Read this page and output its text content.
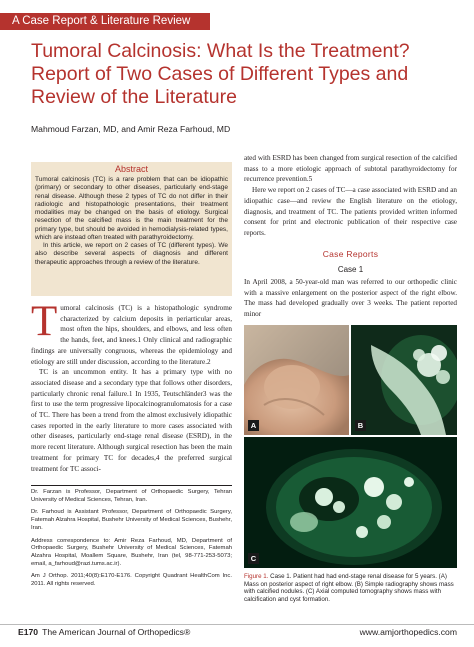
A Case Report & Literature Review
Tumoral Calcinosis: What Is the Treatment?
Report of Two Cases of Different Types and
Review of the Literature
Mahmoud Farzan, MD, and Amir Reza Farhoud, MD
Abstract

Tumoral calcinosis (TC) is a rare problem that can be idiopathic (primary) or secondary to other diseases, particularly end-stage renal disease. Although these 2 types of TC do not differ in their radiologic and histopathologic presentations, their treatment modalities may be changed on the basis of etiology. Surgical resection of the calcified mass is the main treatment for the primary type, but should be avoided in hemodialysis-related types, which are instead often treated with parathyroidectomy.

In this article, we report on 2 cases of TC (different types). We also describe several aspects of diagnosis and different therapeutic approaches through a review of the literature.

Tumoral calcinosis (TC) is a histopathologic syndrome characterized by calcium deposits in periarticular areas, most often the hips, shoulders, and elbows, and less often the hands, feet, and knees.1 Only clinical and radiographic findings are universally congruous, whereas the epidemiology and etiology are still under discussion, according to the literature.2

TC is an uncommon entity. It has a primary type with no associated disease and a secondary type that follows other disorders, particularly chronic renal failure.1 In 1935, Teutschländer3 was the first to use the term progressive lipocalcinogranulomatosis for a case of TC. There has been a trend from the almost exclusively idiopathic cases reported in the early literature to more cases associated with other diseases, particularly end-stage renal disease (ESRD), in the more recent literature. Although surgical resection has been the main treatment for primary TC for decades,4 the preferred surgical treatment for TC associ-

Dr. Farzan is Professor, Department of Orthopaedic Surgery, Tehran University of Medical Sciences, Tehran, Iran.

Dr. Farhoud is Assistant Professor, Department of Orthopaedic Surgery, Fatemah Alzahra Hospital, Bushehr University of Medical Sciences, Bushehr, Iran.

Address correspondence to: Amir Reza Farhoud, MD, Department of Orthopaedic Surgery, Bushehr University of Medical Sciences, Fatemah Alzahra Hospital, Moallem Square, Bushehr, Iran (tel, 98-771-253-5073; email, a_farhoud@razi.tums.ac.ir).

Am J Orthop. 2011;40(8):E170-E176. Copyright Quadrant HealthCom Inc. 2011. All rights reserved.

ated with ESRD has been changed from surgical resection of the calcified mass to a more etiologic approach of subtotal parathyroidectomy for recurrence prevention.5

Here we report on 2 cases of TC—a case associated with ESRD and an idiopathic case—and review the English literature on the etiology, diagnosis, and treatment of TC. The patients provided written informed consent for print and electronic publication of their respective case reports.

Case Reports
Case 1

In April 2008, a 50-year-old man was referred to our orthopedic clinic with a massive enlargement on the posterior aspect of the right elbow. The mass had developed gradually over 3 weeks. The patient reported minor

A	B
C
Figure 1. Case 1. Patient had had end-stage renal disease for 5 years. (A) Mass on posterior aspect of right elbow. (B) Simple radiography shows mass with calcified nodules. (C) Axial computed tomography shows mass with calcification and cyst formation.
E170 The American Journal of Orthopedics®	www.amjorthopedics.com
